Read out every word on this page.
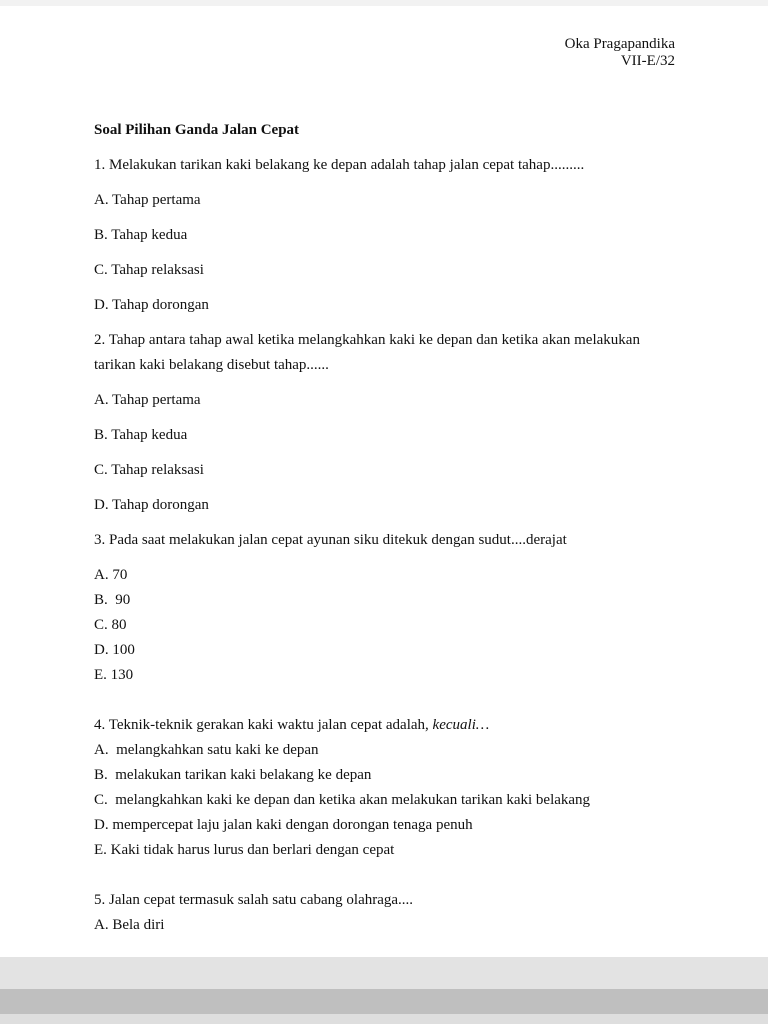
Oka Pragapandika
VII-E/32

Soal Pilihan Ganda Jalan Cepat

1. Melakukan tarikan kaki belakang ke depan adalah tahap jalan cepat tahap.........

A. Tahap pertama

B. Tahap kedua

C. Tahap relaksasi

D. Tahap dorongan

2. Tahap antara tahap awal ketika melangkahkan kaki ke depan dan ketika akan melakukan tarikan kaki belakang disebut tahap......

A. Tahap pertama

B. Tahap kedua

C. Tahap relaksasi

D. Tahap dorongan

3. Pada saat melakukan jalan cepat ayunan siku ditekuk dengan sudut....derajat

A. 70

B.  90

C. 80

D. 100

E. 130

4. Teknik-teknik gerakan kaki waktu jalan cepat adalah, kecuali…

A.  melangkahkan satu kaki ke depan

B.  melakukan tarikan kaki belakang ke depan

C.  melangkahkan kaki ke depan dan ketika akan melakukan tarikan kaki belakang

D. mempercepat laju jalan kaki dengan dorongan tenaga penuh

E. Kaki tidak harus lurus dan berlari dengan cepat

5. Jalan cepat termasuk salah satu cabang olahraga....

A. Bela diri
